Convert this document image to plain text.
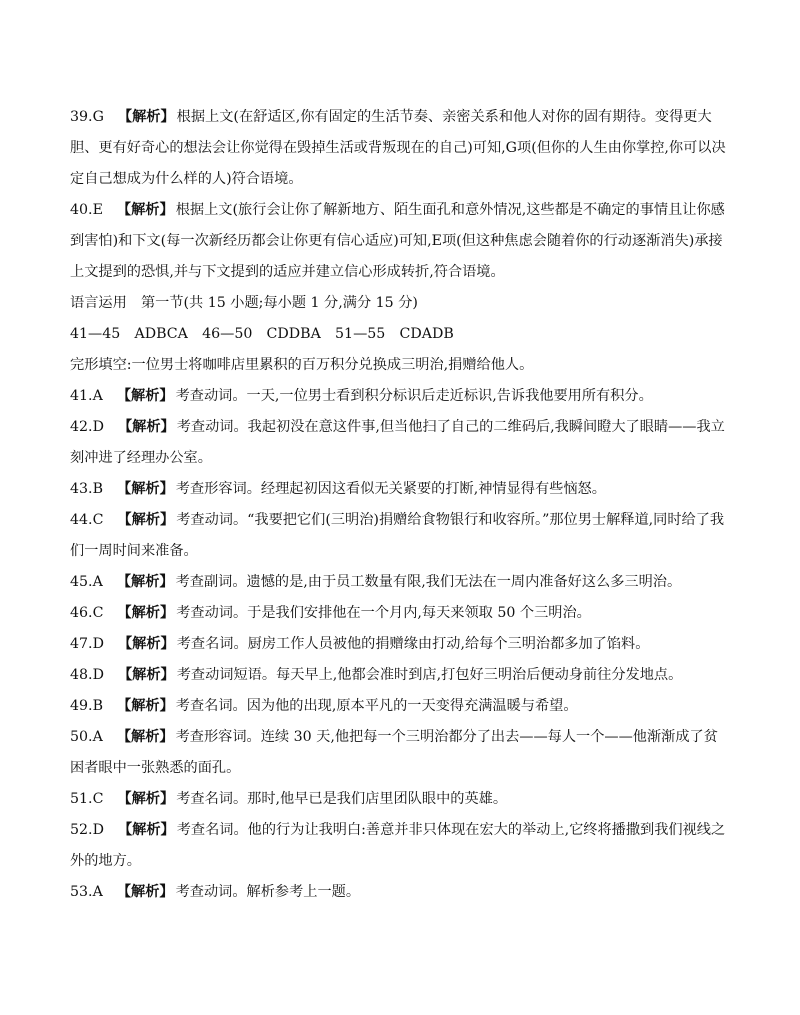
39.G 【解析】 根据上文(在舒适区,你有固定的生活节奏、亲密关系和他人对你的固有期待。变得更大胆、更有好奇心的想法会让你觉得在毁掉生活或背叛现在的自己)可知,G项(但你的人生由你掌控,你可以决定自己想成为什么样的人)符合语境。

40.E 【解析】 根据上文(旅行会让你了解新地方、陌生面孔和意外情况,这些都是不确定的事情且让你感到害怕)和下文(每一次新经历都会让你更有信心适应)可知,E项(但这种焦虑会随着你的行动逐渐消失)承接上文提到的恐惧,并与下文提到的适应并建立信心形成转折,符合语境。

语言运用　第一节(共 15 小题;每小题 1 分,满分 15 分)

41—45　ADBCA　46—50　CDDBA　51—55　CDADB

完形填空:一位男士将咖啡店里累积的百万积分兑换成三明治,捐赠给他人。

41.A 【解析】 考查动词。一天,一位男士看到积分标识后走近标识,告诉我他要用所有积分。

42.D 【解析】 考查动词。我起初没在意这件事,但当他扫了自己的二维码后,我瞬间瞪大了眼睛——我立刻冲进了经理办公室。

43.B 【解析】 考查形容词。经理起初因这看似无关紧要的打断,神情显得有些恼怒。

44.C 【解析】 考查动词。“我要把它们(三明治)捐赠给食物银行和收容所。”那位男士解释道,同时给了我们一周时间来准备。

45.A 【解析】 考查副词。遗憾的是,由于员工数量有限,我们无法在一周内准备好这么多三明治。

46.C 【解析】 考查动词。于是我们安排他在一个月内,每天来领取 50 个三明治。

47.D 【解析】 考查名词。厨房工作人员被他的捐赠缘由打动,给每个三明治都多加了馅料。

48.D 【解析】 考查动词短语。每天早上,他都会准时到店,打包好三明治后便动身前往分发地点。

49.B 【解析】 考查名词。因为他的出现,原本平凡的一天变得充满温暖与希望。

50.A 【解析】 考查形容词。连续 30 天,他把每一个三明治都分了出去——每人一个——他渐渐成了贫困者眼中一张熟悉的面孔。

51.C 【解析】 考查名词。那时,他早已是我们店里团队眼中的英雄。

52.D 【解析】 考查名词。他的行为让我明白:善意并非只体现在宏大的举动上,它终将播撒到我们视线之外的地方。

53.A 【解析】 考查动词。解析参考上一题。
